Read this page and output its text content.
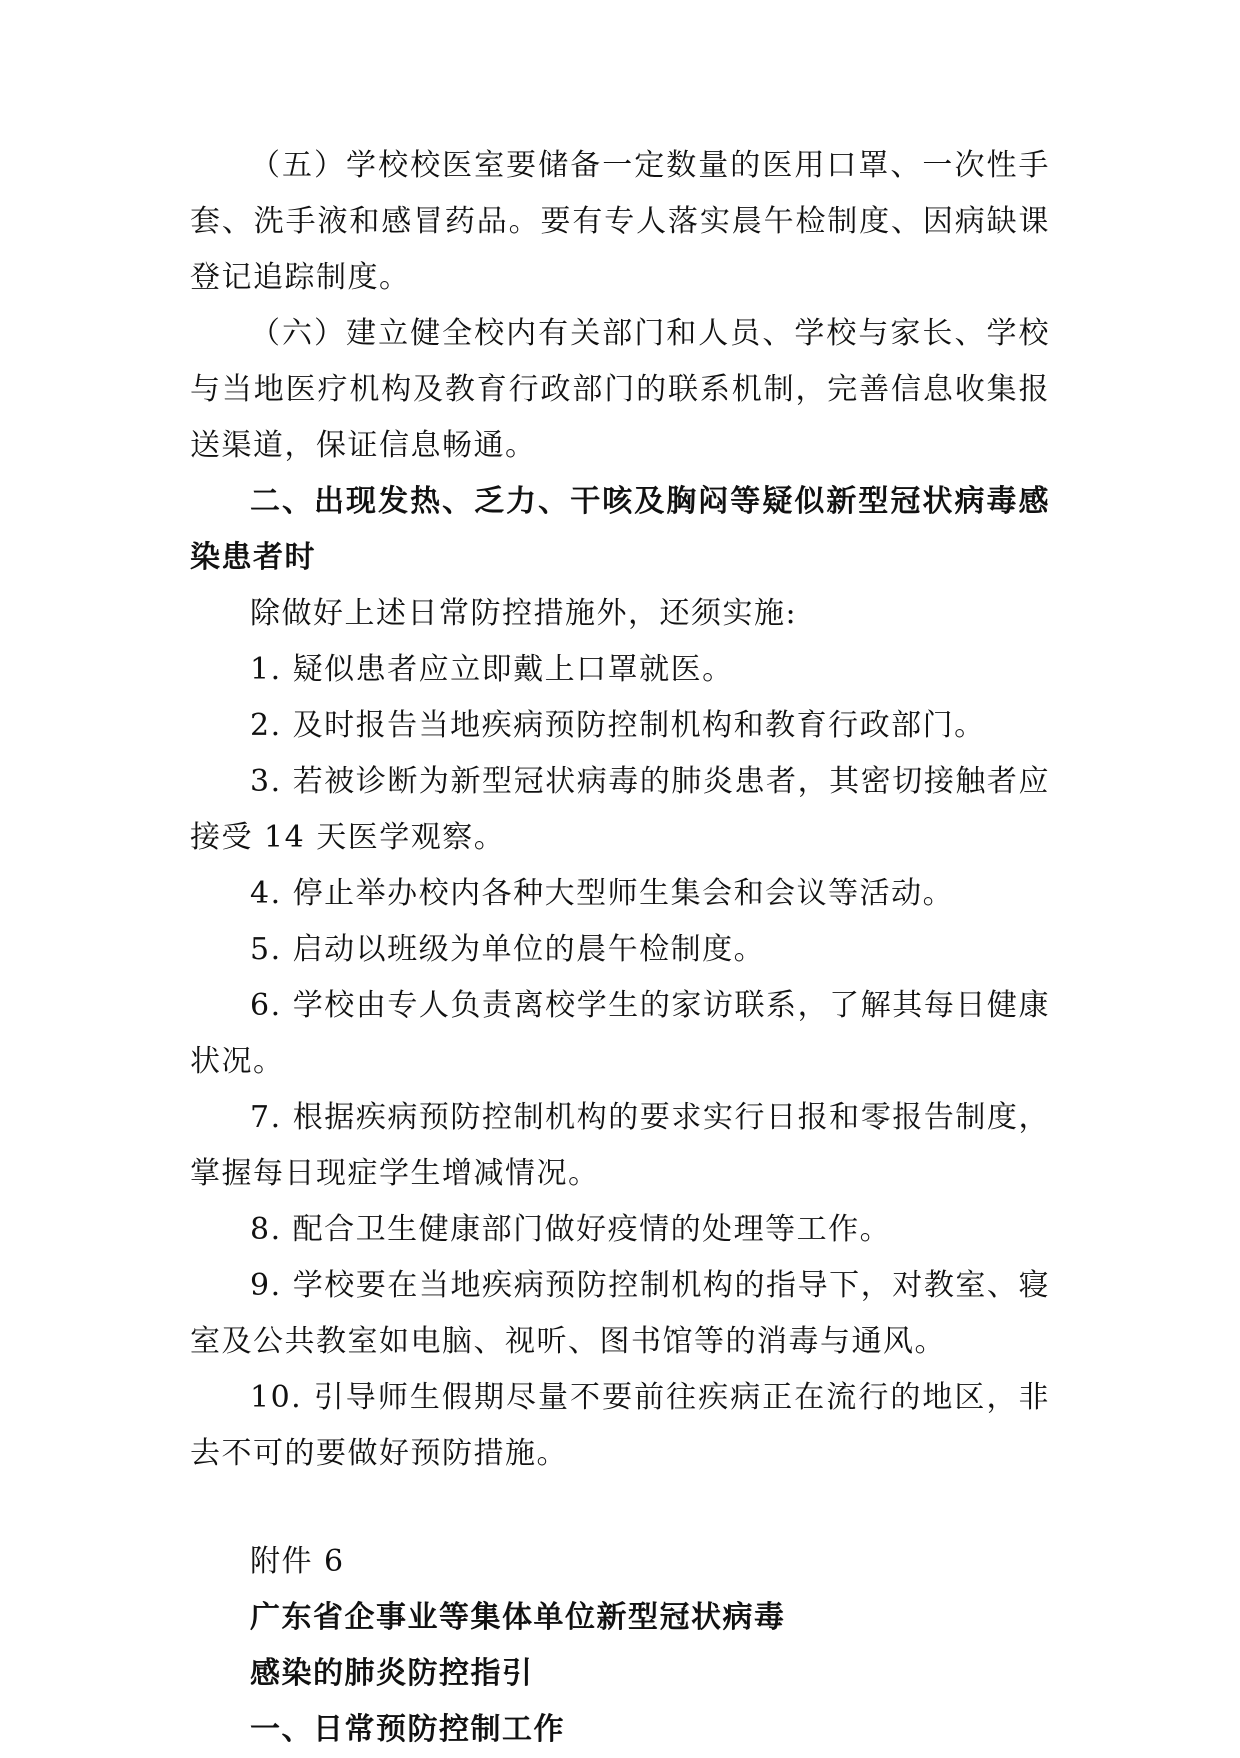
（五）学校校医室要储备一定数量的医用口罩、一次性手套、洗手液和感冒药品。要有专人落实晨午检制度、因病缺课登记追踪制度。

（六）建立健全校内有关部门和人员、学校与家长、学校与当地医疗机构及教育行政部门的联系机制，完善信息收集报送渠道，保证信息畅通。

二、出现发热、乏力、干咳及胸闷等疑似新型冠状病毒感染患者时

除做好上述日常防控措施外，还须实施:

1. 疑似患者应立即戴上口罩就医。

2. 及时报告当地疾病预防控制机构和教育行政部门。

3. 若被诊断为新型冠状病毒的肺炎患者，其密切接触者应接受 14 天医学观察。

4. 停止举办校内各种大型师生集会和会议等活动。

5. 启动以班级为单位的晨午检制度。

6. 学校由专人负责离校学生的家访联系，了解其每日健康状况。

7. 根据疾病预防控制机构的要求实行日报和零报告制度，掌握每日现症学生增减情况。

8. 配合卫生健康部门做好疫情的处理等工作。

9. 学校要在当地疾病预防控制机构的指导下，对教室、寝室及公共教室如电脑、视听、图书馆等的消毒与通风。

10. 引导师生假期尽量不要前往疾病正在流行的地区，非去不可的要做好预防措施。

附件 6

广东省企事业等集体单位新型冠状病毒

感染的肺炎防控指引

一、日常预防控制工作
